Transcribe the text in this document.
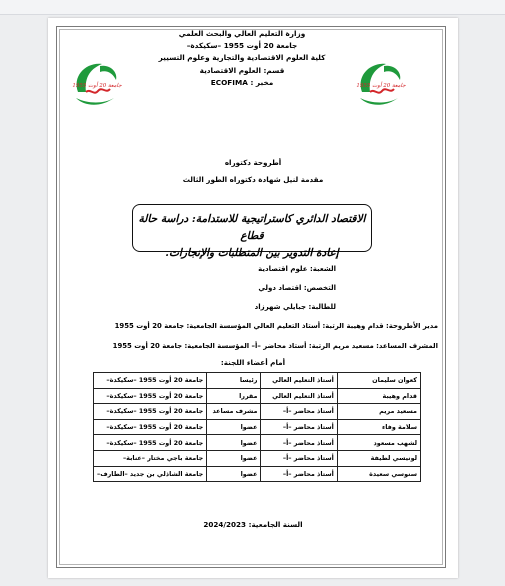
جامعة 20 أوت 1955	جامعة 20 أوت 1955
وزارة التعليم العالي والبحث العلمي
جامعة 20 أوت 1955 –سكيكدة–
كلية العلوم الاقتصادية والتجارية وعلوم التسيير
قسم: العلوم الاقتصادية
مخبر : ECOFIMA
أطروحة دكتوراه
مقدمة لنيل شهادة دكتوراه الطور الثالث
الاقتصاد الدائري كاستراتيجية للاستدامة: دراسة حالة قطاع
إعادة التدوير بين المتطلبات والإنجازات.
الشعبة: علوم اقتصادية
التخصص: اقتصاد دولي
للطالبة: جبايلي شهرزاد
مدير الأطروحة: قدام وهيبة الرتبة: أستاذ التعليم العالي المؤسسة الجامعية: جامعة 20 أوت 1955
المشرف المساعد: مسعيد مريم الرتبة: أستاذ محاضر –أ– المؤسسة الجامعية: جامعة 20 أوت 1955
أمام أعضاء اللجنة:
كعوان سليمان	أستاذ التعليم العالي	رئيسا	جامعة 20 أوت 1955 –سكيكدة–
قدام وهيبة	أستاذ التعليم العالي	مقررا	جامعة 20 أوت 1955 –سكيكدة–
مسعيد مريم	أستاذ محاضر –أ–	مشرف مساعد	جامعة 20 أوت 1955 –سكيكدة–
سلامة وفاء	أستاذ محاضر –أ–	عضوا	جامعة 20 أوت 1955 –سكيكدة–
لشهب مسعود	أستاذ محاضر –أ–	عضوا	جامعة 20 أوت 1955 –سكيكدة–
لونيسي لطيفة	أستاذ محاضر –أ–	عضوا	جامعة باجي مختار –عنابة–
سنوسي سعيدة	أستاذ محاضر –أ–	عضوا	جامعة الشاذلي بن جديد –الطارف–
السنة الجامعية: 2024/2023
